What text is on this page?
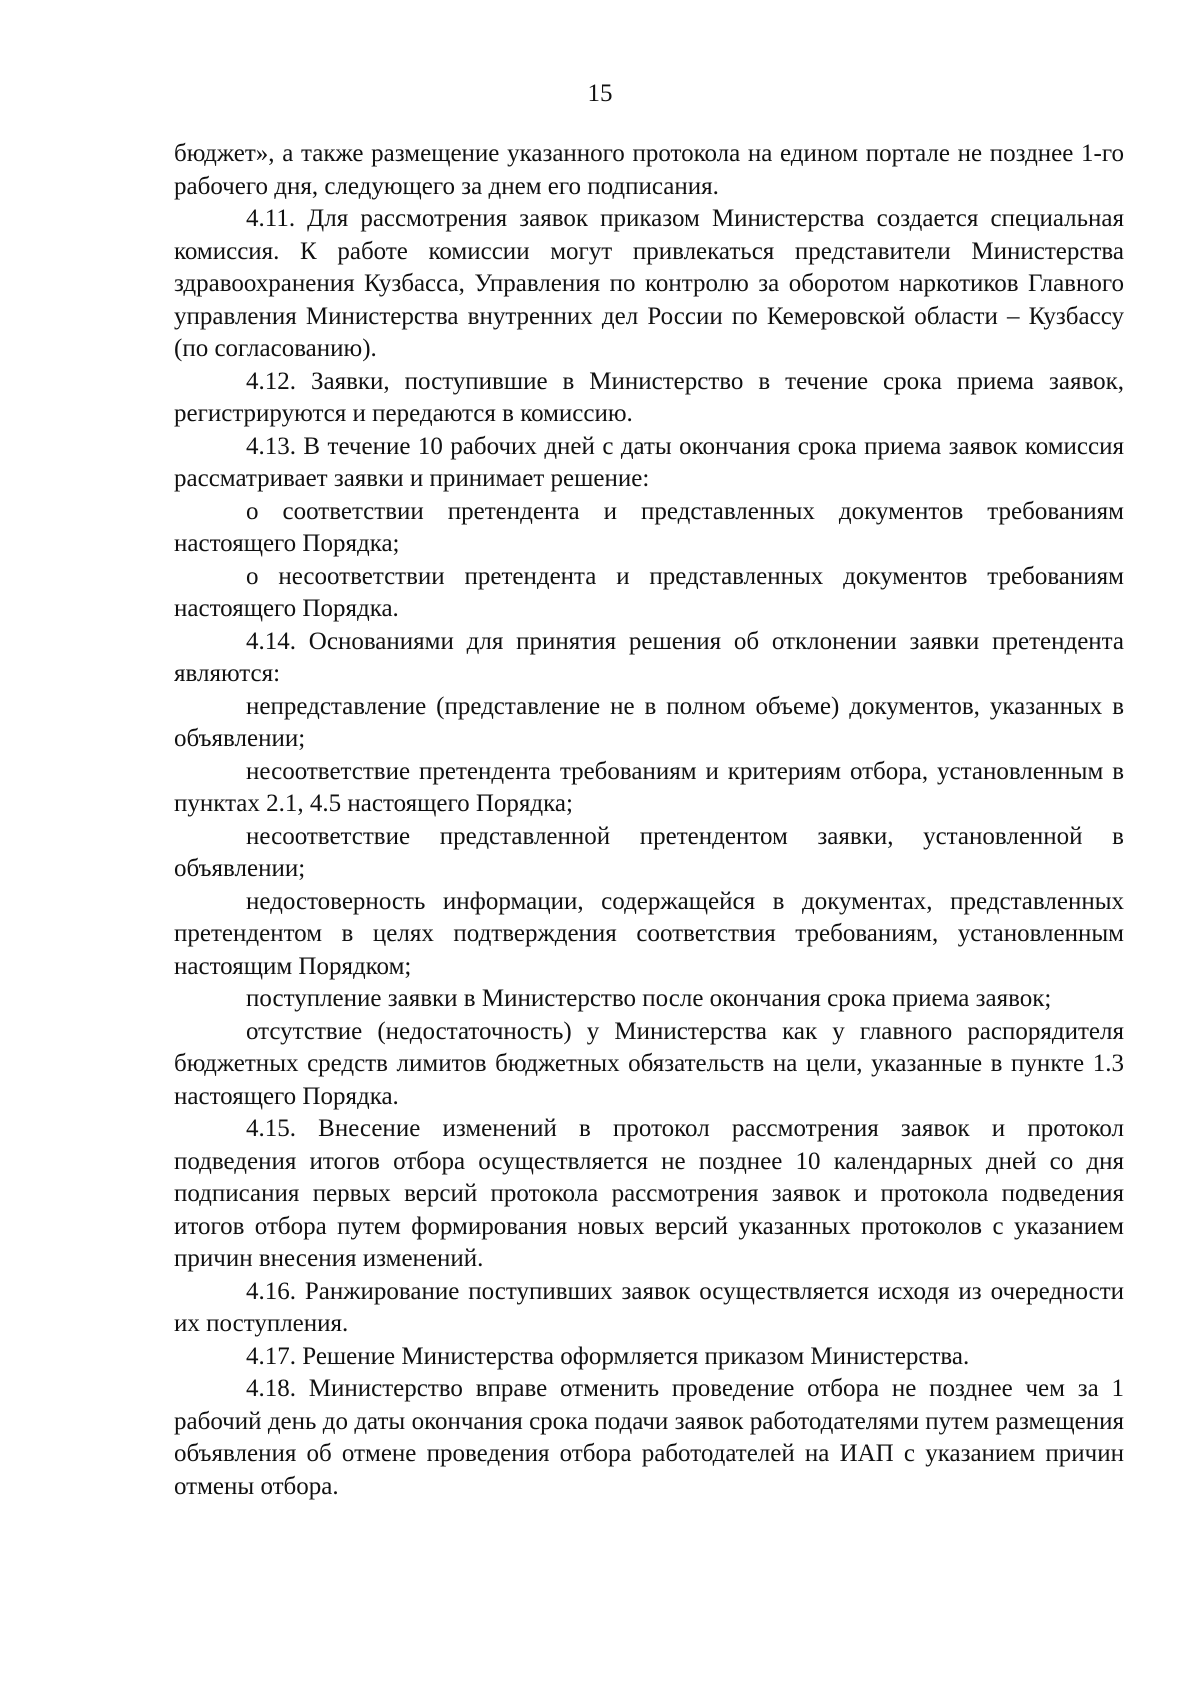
15

бюджет», а также размещение указанного протокола на едином портале не позднее 1-го рабочего дня, следующего за днем его подписания.

4.11. Для рассмотрения заявок приказом Министерства создается специальная комиссия. К работе комиссии могут привлекаться представители Министерства здравоохранения Кузбасса, Управления по контролю за оборотом наркотиков Главного управления Министерства внутренних дел России по Кемеровской области – Кузбассу (по согласованию).

4.12. Заявки, поступившие в Министерство в течение срока приема заявок, регистрируются и передаются в комиссию.

4.13. В течение 10 рабочих дней с даты окончания срока приема заявок комиссия рассматривает заявки и принимает решение:

о соответствии претендента и представленных документов требованиям настоящего Порядка;

о несоответствии претендента и представленных документов требованиям настоящего Порядка.

4.14. Основаниями для принятия решения об отклонении заявки претендента являются:

непредставление (представление не в полном объеме) документов, указанных в объявлении;

несоответствие претендента требованиям и критериям отбора, установленным в пунктах 2.1, 4.5 настоящего Порядка;

несоответствие представленной претендентом заявки, установленной в объявлении;

недостоверность информации, содержащейся в документах, представленных претендентом в целях подтверждения соответствия требованиям, установленным настоящим Порядком;

поступление заявки в Министерство после окончания срока приема заявок;

отсутствие (недостаточность) у Министерства как у главного распорядителя бюджетных средств лимитов бюджетных обязательств на цели, указанные в пункте 1.3 настоящего Порядка.

4.15. Внесение изменений в протокол рассмотрения заявок и протокол подведения итогов отбора осуществляется не позднее 10 календарных дней со дня подписания первых версий протокола рассмотрения заявок и протокола подведения итогов отбора путем формирования новых версий указанных протоколов с указанием причин внесения изменений.

4.16. Ранжирование поступивших заявок осуществляется исходя из очередности их поступления.

4.17. Решение Министерства оформляется приказом Министерства.

4.18. Министерство вправе отменить проведение отбора не позднее чем за 1 рабочий день до даты окончания срока подачи заявок работодателями путем размещения объявления об отмене проведения отбора работодателей на ИАП с указанием причин отмены отбора.
